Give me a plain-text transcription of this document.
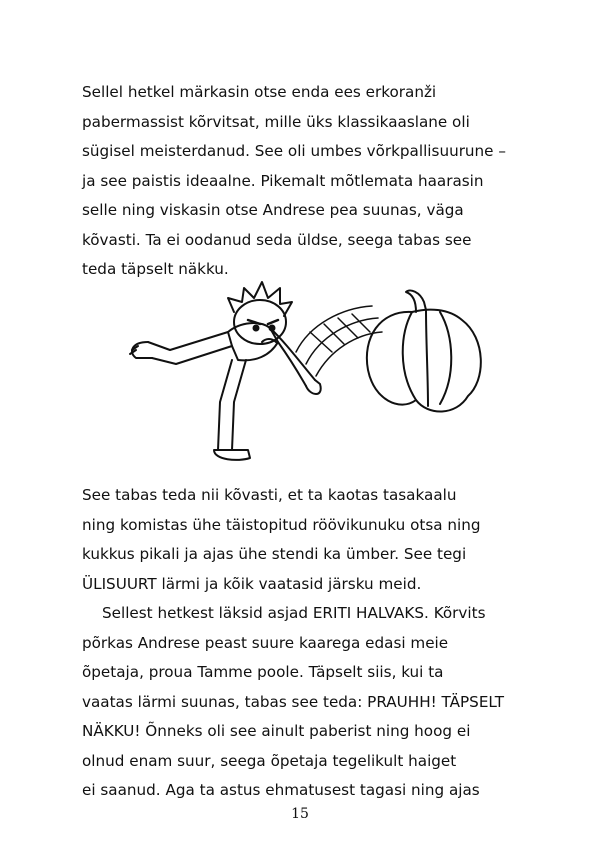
Sellel hetkel märkasin otse enda ees erkoranži
pabermassist kõrvitsat, mille üks klassikaaslane oli
sügisel meisterdanud. See oli umbes võrkpallisuurune –
ja see paistis ideaalne. Pikemalt mõtlemata haarasin
selle ning viskasin otse Andrese pea suunas, väga
kõvasti. Ta ei oodanud seda üldse, seega tabas see
teda täpselt näkku.

See tabas teda nii kõvasti, et ta kaotas tasakaalu
ning komistas ühe täistopitud röövikunuku otsa ning
kukkus pikali ja ajas ühe stendi ka ümber. See tegi
ÜLISUURT lärmi ja kõik vaatasid järsku meid.

Sellest hetkest läksid asjad ERITI HALVAKS. Kõrvits
põrkas Andrese peast suure kaarega edasi meie
õpetaja, proua Tamme poole. Täpselt siis, kui ta
vaatas lärmi suunas, tabas see teda: PRAUHH! TÄPSELT
NÄKKU! Õnneks oli see ainult paberist ning hoog ei
olnud enam suur, seega õpetaja tegelikult haiget
ei saanud. Aga ta astus ehmatusest tagasi ning ajas

15
